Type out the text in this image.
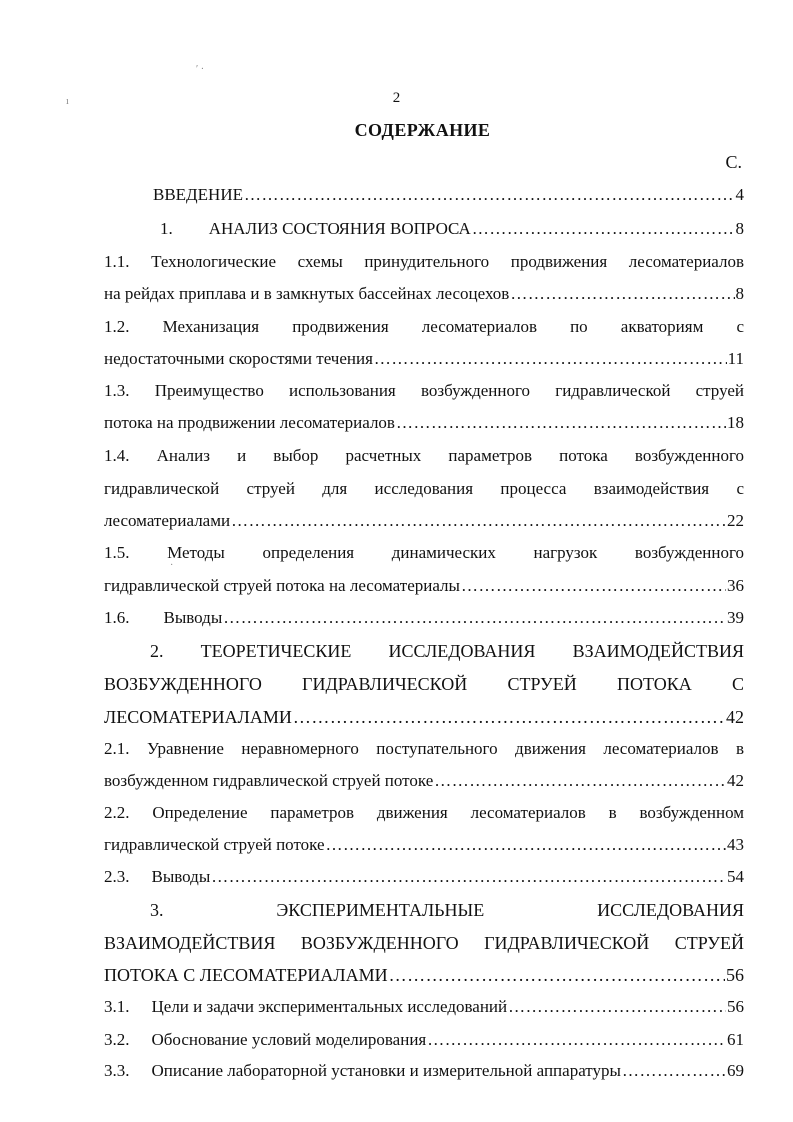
2
СОДЕРЖАНИЕ
С.
ВВЕДЕНИЕ …………………………………………………………………………………………………………………………………………………………………………	4
1. АНАЛИЗ СОСТОЯНИЯ ВОПРОСА …………………………………………………………………………………………………………………………………………………………………………	8
1.1. Технологические схемы принудительного продвижения лесоматериалов
на рейдах приплава и в замкнутых бассейнах лесоцехов …………………………………………………………………………………………………………………………………………………………………………	8
1.2. Механизация продвижения лесоматериалов по акваториям с
недостаточными скоростями течения …………………………………………………………………………………………………………………………………………………………………………	11
1.3. Преимущество использования возбужденного гидравлической струей
потока на продвижении лесоматериалов …………………………………………………………………………………………………………………………………………………………………………	18
1.4. Анализ и выбор расчетных параметров потока возбужденного
гидравлической струей для исследования процесса взаимодействия с
лесоматериалами …………………………………………………………………………………………………………………………………………………………………………	22
1.5. Методы определения динамических нагрузок возбужденного
гидравлической струей потока на лесоматериалы …………………………………………………………………………………………………………………………………………………………………………	36
1.6. Выводы …………………………………………………………………………………………………………………………………………………………………………	39
2. ТЕОРЕТИЧЕСКИЕ ИССЛЕДОВАНИЯ ВЗАИМОДЕЙСТВИЯ
ВОЗБУЖДЕННОГО ГИДРАВЛИЧЕСКОЙ СТРУЕЙ ПОТОКА С
ЛЕСОМАТЕРИАЛАМИ …………………………………………………………………………………………………………………………………………………………………………	42
2.1. Уравнение неравномерного поступательного движения лесоматериалов в
возбужденном гидравлической струей потоке …………………………………………………………………………………………………………………………………………………………………………	42
2.2. Определение параметров движения лесоматериалов в возбужденном
гидравлической струей потоке …………………………………………………………………………………………………………………………………………………………………………	43
2.3. Выводы …………………………………………………………………………………………………………………………………………………………………………	54
3.	ЭКСПЕРИМЕНТАЛЬНЫЕ ИССЛЕДОВАНИЯ
ВЗАИМОДЕЙСТВИЯ ВОЗБУЖДЕННОГО ГИДРАВЛИЧЕСКОЙ СТРУЕЙ
ПОТОКА С ЛЕСОМАТЕРИАЛАМИ …………………………………………………………………………………………………………………………………………………………………………	56
3.1. Цели и задачи экспериментальных исследований …………………………………………………………………………………………………………………………………………………………………………	56
3.2. Обоснование условий моделирования …………………………………………………………………………………………………………………………………………………………………………	61
3.3. Описание лабораторной установки и измерительной аппаратуры …………………………………………………………………………………………………………………………………………………………………………	69
′ ·
ı
·
